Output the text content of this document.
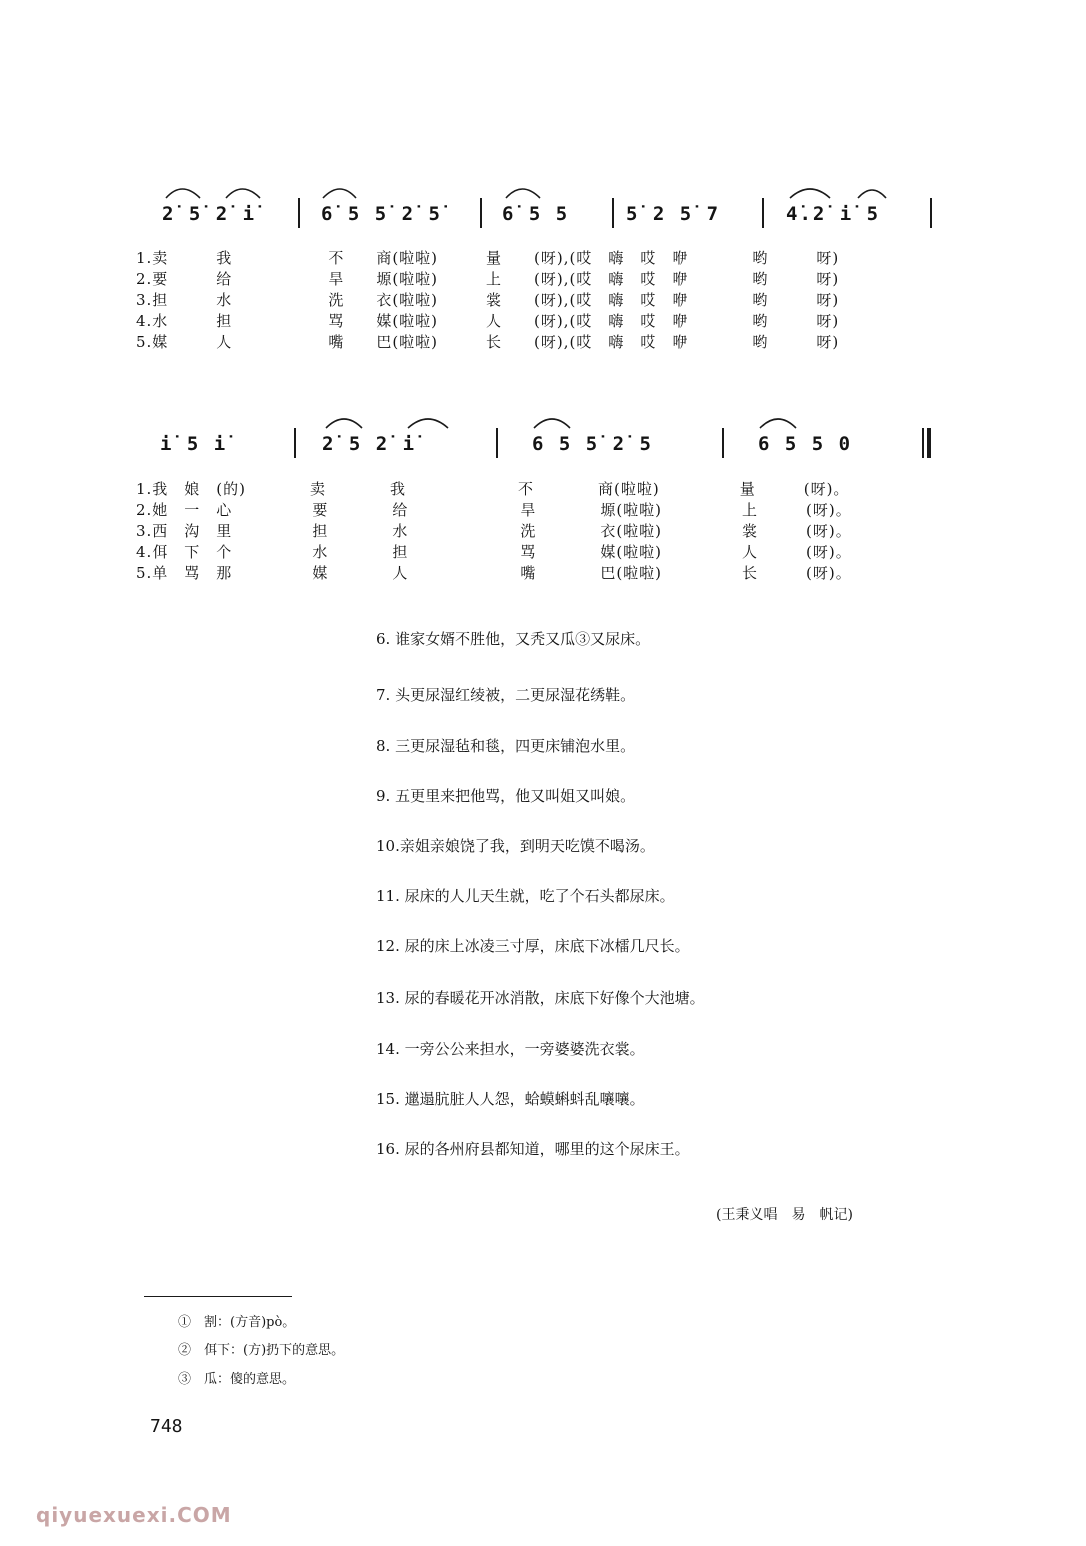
2̇ 5̇ 2̇ i̇	6̇ 5 5̇ 2̇ 5̇	6̇ 5 5	5̇ 2 5̇ 7	4̇.2̇ i̇ 5
1.卖　　　我　　　　　　不　　商(啦啦)　　　量　　(呀),(哎　嗨　哎　咿　　　　哟　　　呀)
2.要　　　给　　　　　　旱　　塬(啦啦)　　　上　　(呀),(哎　嗨　哎　咿　　　　哟　　　呀)
3.担　　　水　　　　　　洗　　衣(啦啦)　　　裳　　(呀),(哎　嗨　哎　咿　　　　哟　　　呀)
4.水　　　担　　　　　　骂　　媒(啦啦)　　　人　　(呀),(哎　嗨　哎　咿　　　　哟　　　呀)
5.媒　　　人　　　　　　嘴　　巴(啦啦)　　　长　　(呀),(哎　嗨　哎　咿　　　　哟　　　呀)
i̇ 5 i̇	2̇ 5 2̇ i̇	6 5 5̇ 2̇ 5	6 5 5 0
1.我　娘　(的)　　　　卖　　　　我　　　　　　　不　　　　商(啦啦)　　　　　量　　　(呀)。
2.她　一　心　　　　　要　　　　给　　　　　　　旱　　　　塬(啦啦)　　　　　上　　　(呀)。
3.西　沟　里　　　　　担　　　　水　　　　　　　洗　　　　衣(啦啦)　　　　　裳　　　(呀)。
4.佴　下　个　　　　　水　　　　担　　　　　　　骂　　　　媒(啦啦)　　　　　人　　　(呀)。
5.单　骂　那　　　　　媒　　　　人　　　　　　　嘴　　　　巴(啦啦)　　　　　长　　　(呀)。
6. 谁家女婿不胜他，又秃又瓜③又尿床。
7. 头更尿湿红绫被，二更尿湿花绣鞋。
8. 三更尿湿毡和毯，四更床铺泡水里。
9. 五更里来把他骂，他又叫姐又叫娘。
10.亲姐亲娘饶了我，到明天吃馍不喝汤。
11. 尿床的人儿天生就，吃了个石头都尿床。
12. 尿的床上冰凌三寸厚，床底下冰檑几尺长。
13. 尿的春暖花开冰消散，床底下好像个大池塘。
14. 一旁公公来担水，一旁婆婆洗衣裳。
15. 邋遢肮脏人人怨，蛤蟆蝌蚪乱嚷嚷。
16. 尿的各州府县都知道，哪里的这个尿床王。
(王秉义唱　易　帆记)
①　割：(方音)pò。
②　佴下：(方)扔下的意思。
③　瓜：傻的意思。
748
qiyuexuexi.COM
